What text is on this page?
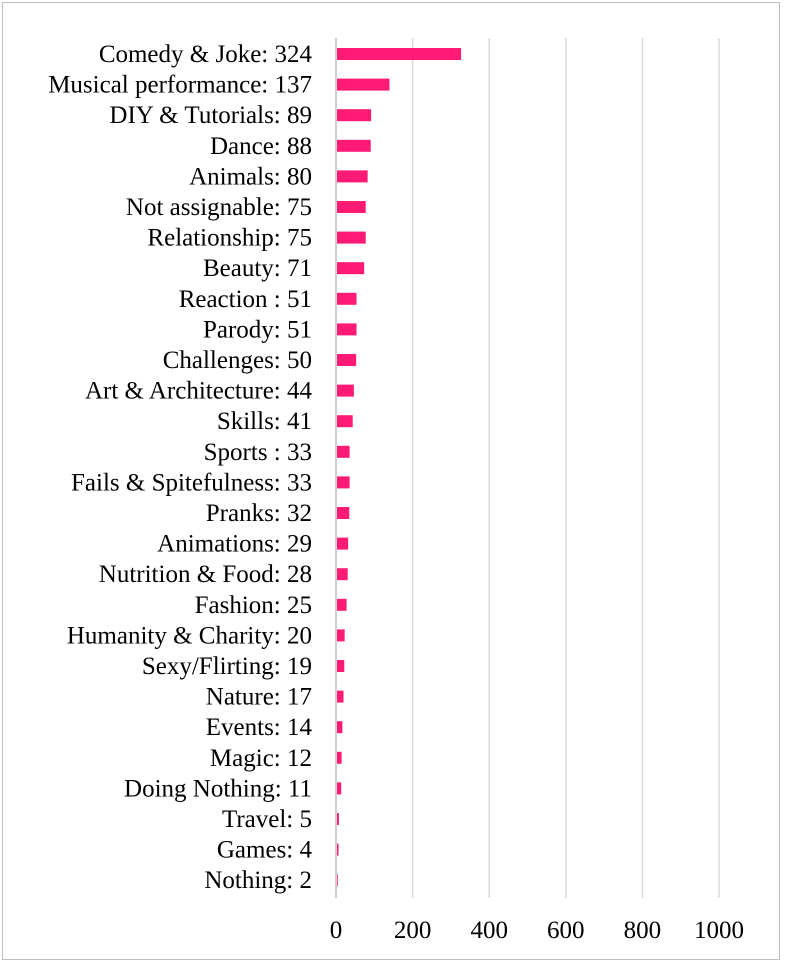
Comedy & Joke: 324
Musical performance: 137
DIY & Tutorials: 89
Dance: 88
Animals: 80
Not assignable: 75
Relationship: 75
Beauty: 71
Reaction : 51
Parody: 51
Challenges: 50
Art & Architecture: 44
Skills: 41
Sports : 33
Fails & Spitefulness: 33
Pranks: 32
Animations: 29
Nutrition & Food: 28
Fashion: 25
Humanity & Charity: 20
Sexy/Flirting: 19
Nature: 17
Events: 14
Magic: 12
Doing Nothing: 11
Travel: 5
Games: 4
Nothing: 2
0 200 400 600 800 1000
